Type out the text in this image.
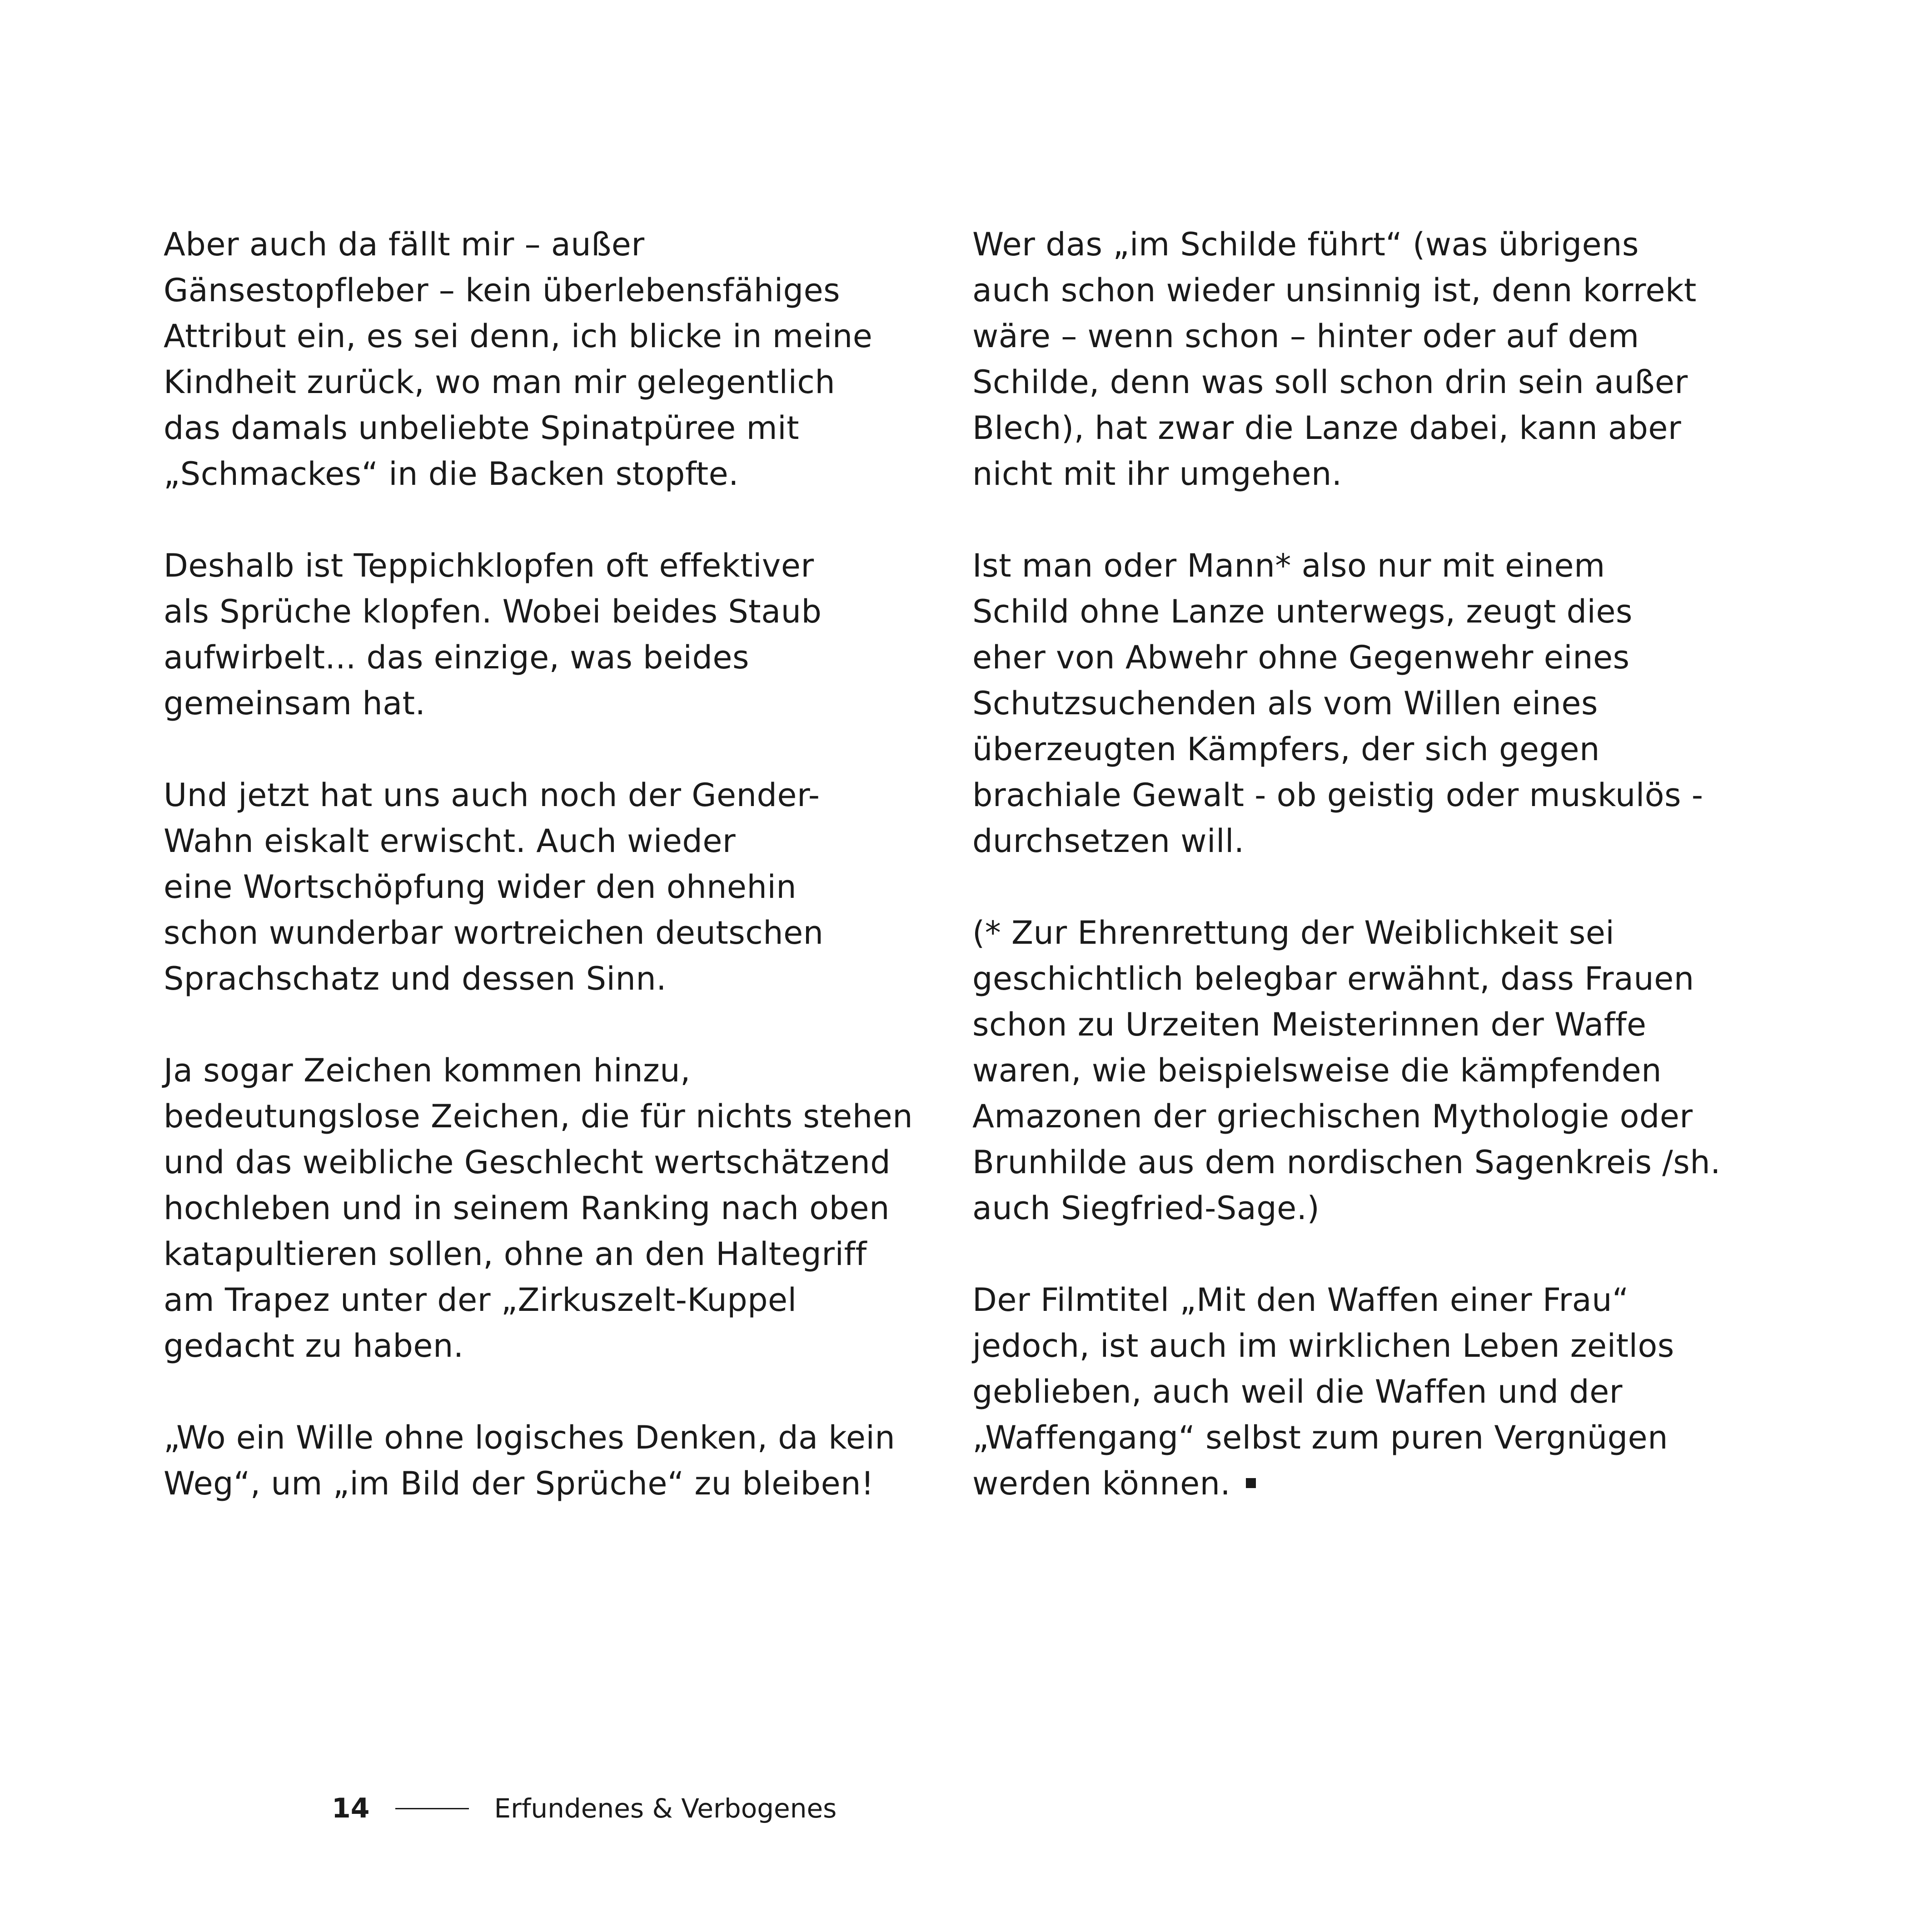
Aber auch da fällt mir – außer
Gänsestopfleber – kein überlebensfähiges
Attribut ein, es sei denn, ich blicke in meine
Kindheit zurück, wo man mir gelegentlich
das damals unbeliebte Spinatpüree mit
„Schmackes“ in die Backen stopfte.

Deshalb ist Teppichklopfen oft effektiver
als Sprüche klopfen. Wobei beides Staub
aufwirbelt... das einzige, was beides
gemeinsam hat.

Und jetzt hat uns auch noch der Gender-
Wahn eiskalt erwischt. Auch wieder
eine Wortschöpfung wider den ohnehin
schon wunderbar wortreichen deutschen
Sprachschatz und dessen Sinn.

Ja sogar Zeichen kommen hinzu,
bedeutungslose Zeichen, die für nichts stehen
und das weibliche Geschlecht wertschätzend
hochleben und in seinem Ranking nach oben
katapultieren sollen, ohne an den Haltegriff
am Trapez unter der „Zirkuszelt-Kuppel
gedacht zu haben.

„Wo ein Wille ohne logisches Denken, da kein
Weg“, um „im Bild der Sprüche“ zu bleiben!

Wer das „im Schilde führt“ (was übrigens
auch schon wieder unsinnig ist, denn korrekt
wäre – wenn schon – hinter oder auf dem
Schilde, denn was soll schon drin sein außer
Blech), hat zwar die Lanze dabei, kann aber
nicht mit ihr umgehen.

Ist man oder Mann* also nur mit einem
Schild ohne Lanze unterwegs, zeugt dies
eher von Abwehr ohne Gegenwehr eines
Schutzsuchenden als vom Willen eines
überzeugten Kämpfers, der sich gegen
brachiale Gewalt - ob geistig oder muskulös -
durchsetzen will.

(* Zur Ehrenrettung der Weiblichkeit sei
geschichtlich belegbar erwähnt, dass Frauen
schon zu Urzeiten Meisterinnen der Waffe
waren, wie beispielsweise die kämpfenden
Amazonen der griechischen Mythologie oder
Brunhilde aus dem nordischen Sagenkreis /sh.
auch Siegfried-Sage.)

Der Filmtitel „Mit den Waffen einer Frau“
jedoch, ist auch im wirklichen Leben zeitlos
geblieben, auch weil die Waffen und der
„Waffengang“ selbst zum puren Vergnügen
werden können.

14	Erfundenes & Verbogenes
